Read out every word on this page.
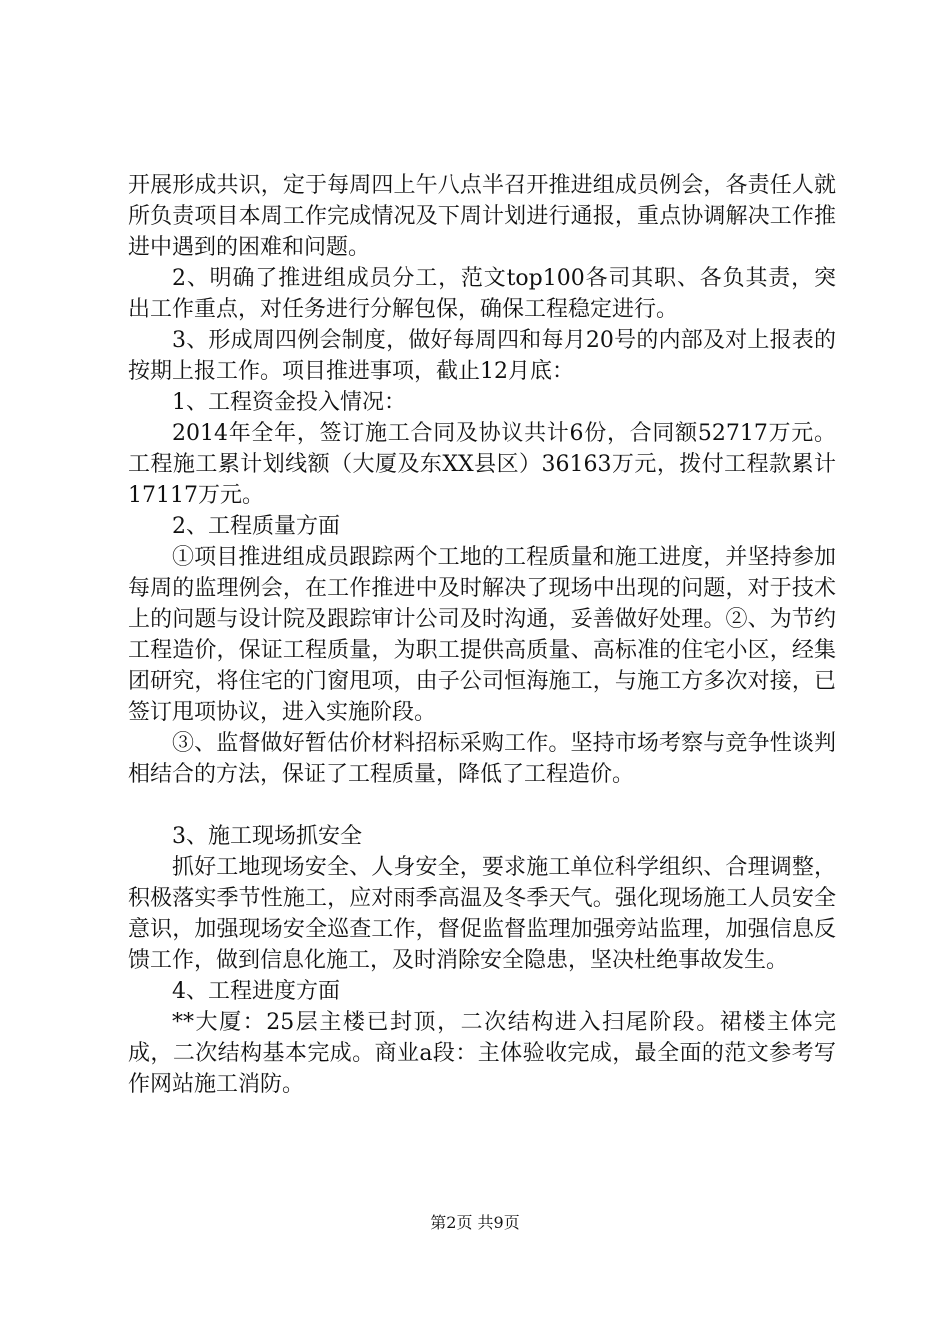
开展形成共识，定于每周四上午八点半召开推进组成员例会，各责任人就所负责项目本周工作完成情况及下周计划进行通报，重点协调解决工作推进中遇到的困难和问题。

2、明确了推进组成员分工，范文top100各司其职、各负其责，突出工作重点，对任务进行分解包保，确保工程稳定进行。

3、形成周四例会制度，做好每周四和每月20号的内部及对上报表的按期上报工作。项目推进事项，截止12月底：

1、工程资金投入情况：

2014年全年，签订施工合同及协议共计6份，合同额52717万元。工程施工累计划线额（大厦及东XX县区）36163万元，拨付工程款累计17117万元。

2、工程质量方面

①项目推进组成员跟踪两个工地的工程质量和施工进度，并坚持参加每周的监理例会，在工作推进中及时解决了现场中出现的问题，对于技术上的问题与设计院及跟踪审计公司及时沟通，妥善做好处理。②、为节约工程造价，保证工程质量，为职工提供高质量、高标准的住宅小区，经集团研究，将住宅的门窗甩项，由子公司恒海施工，与施工方多次对接，已签订甩项协议，进入实施阶段。

③、监督做好暂估价材料招标采购工作。坚持市场考察与竞争性谈判相结合的方法，保证了工程质量，降低了工程造价。

3、施工现场抓安全

抓好工地现场安全、人身安全，要求施工单位科学组织、合理调整，积极落实季节性施工，应对雨季高温及冬季天气。强化现场施工人员安全意识，加强现场安全巡查工作，督促监督监理加强旁站监理，加强信息反馈工作，做到信息化施工，及时消除安全隐患，坚决杜绝事故发生。

4、工程进度方面

**大厦：25层主楼已封顶，二次结构进入扫尾阶段。裙楼主体完成，二次结构基本完成。商业a段：主体验收完成，最全面的范文参考写作网站施工消防。

第2页 共9页
